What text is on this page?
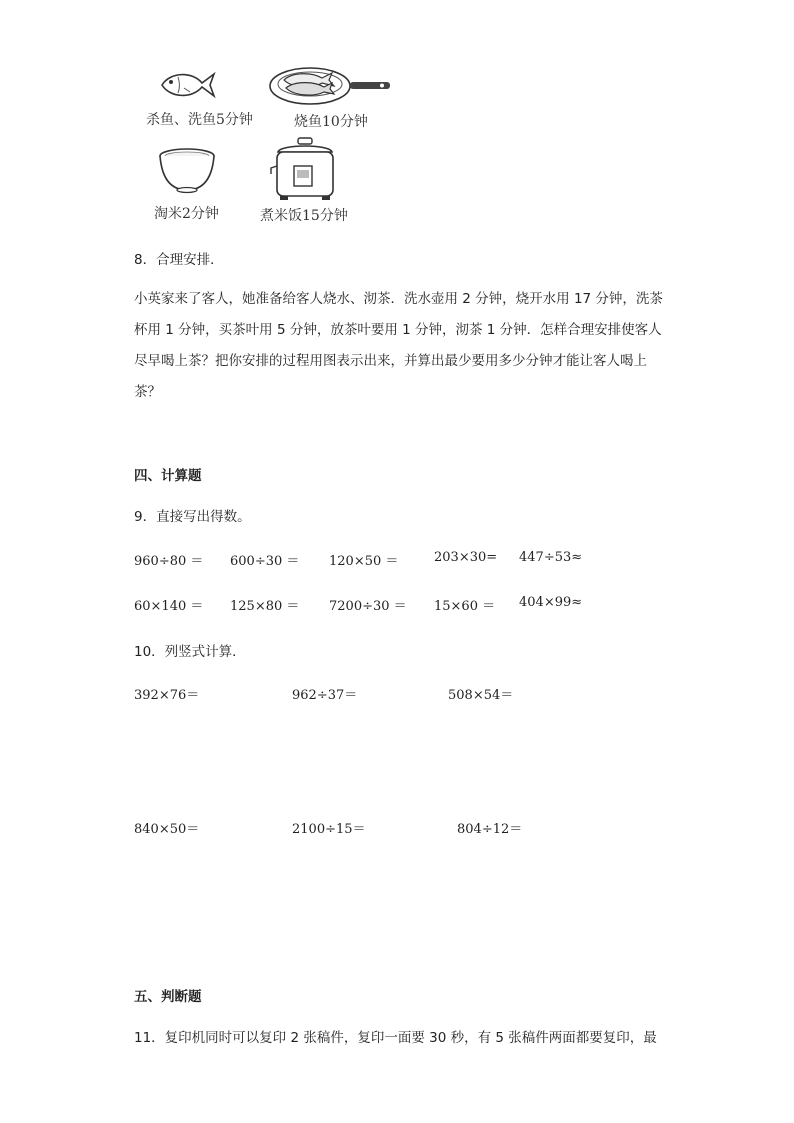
杀鱼、洗鱼5分钟	烧鱼10分钟
淘米2分钟	煮米饭15分钟
8．合理安排．
小英家来了客人，她准备给客人烧水、沏茶．洗水壶用 2 分钟，烧开水用 17 分钟，洗茶杯用 1 分钟，买茶叶用 5 分钟，放茶叶要用 1 分钟，沏茶 1 分钟．怎样合理安排使客人尽早喝上茶？把你安排的过程用图表示出来，并算出最少要用多少分钟才能让客人喝上茶？
四、计算题
9．直接写出得数。
960÷80 ＝ 600÷30 ＝ 120×50 ＝	203×30= 447÷53≈
60×140 ＝ 125×80 ＝ 7200÷30 ＝ 15×60 ＝ 404×99≈
10．列竖式计算．
392×76＝	962÷37＝	508×54＝
840×50＝	2100÷15＝	804÷12＝
五、判断题
11．复印机同时可以复印 2 张稿件，复印一面要 30 秒，有 5 张稿件两面都要复印，最
